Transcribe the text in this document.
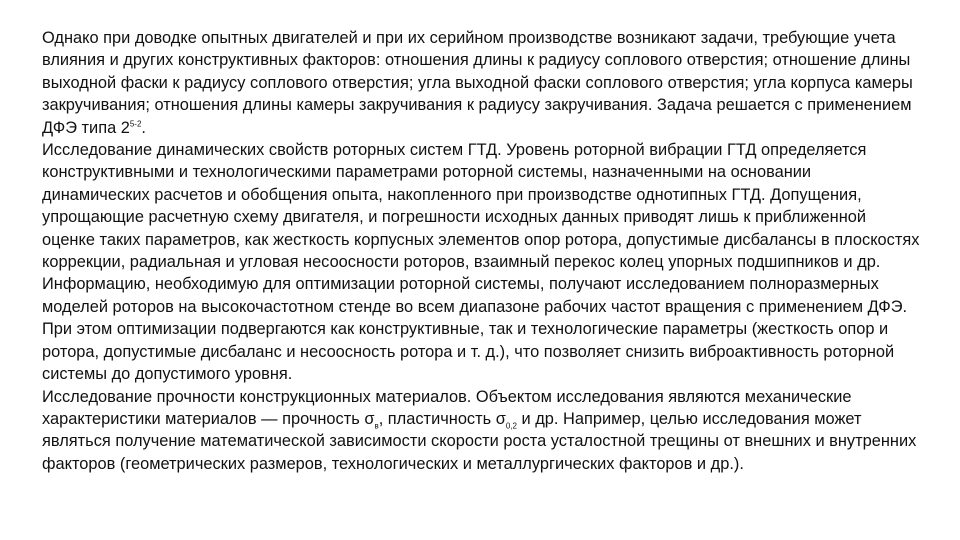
Однако при доводке опытных двигателей и при их серийном производстве возникают задачи, требующие учета влияния и других конструктивных факторов: отношения длины к радиусу соплового отверстия; отношение длины выходной фаски к радиусу соплового отверстия; угла выходной фаски соплового отверстия; угла корпуса камеры закручивания; отношения длины камеры закручивания к радиусу закручивания. Задача решается с применением ДФЭ типа 2$^{5-2}$.

Исследование динамических свойств роторных систем ГТД. Уровень роторной вибрации ГТД определяется конструктивными и технологическими параметрами роторной системы, назначенными на основании динамических расчетов и обобщения опыта, накопленного при производстве однотипных ГТД. Допущения, упрощающие расчетную схему двигателя, и погрешности исходных данных приводят лишь к приближенной оценке таких параметров, как жесткость корпусных элементов опор ротора, допустимые дисбалансы в плоскостях коррекции, радиальная и угловая несоосности роторов, взаимный перекос колец упорных подшипников и др.

Информацию, необходимую для оптимизации роторной системы, получают исследованием полноразмерных моделей роторов на высокочастотном стенде во всем диапазоне рабочих частот вращения с применением ДФЭ.

При этом оптимизации подвергаются как конструктивные, так и технологические параметры (жесткость опор и ротора, допустимые дисбаланс и несоосность ротора и т. д.), что позволяет снизить виброактивность роторной системы до допустимого уровня.

Исследование прочности конструкционных материалов. Объектом исследования являются механические характеристики материалов — прочность $\sigma_в$, пластичность $\sigma_{0,2}$ и др. Например, целью исследования может являться получение математической зависимости скорости роста усталостной трещины от внешних и внутренних факторов (геометрических размеров, технологических и металлургических факторов и др.).
